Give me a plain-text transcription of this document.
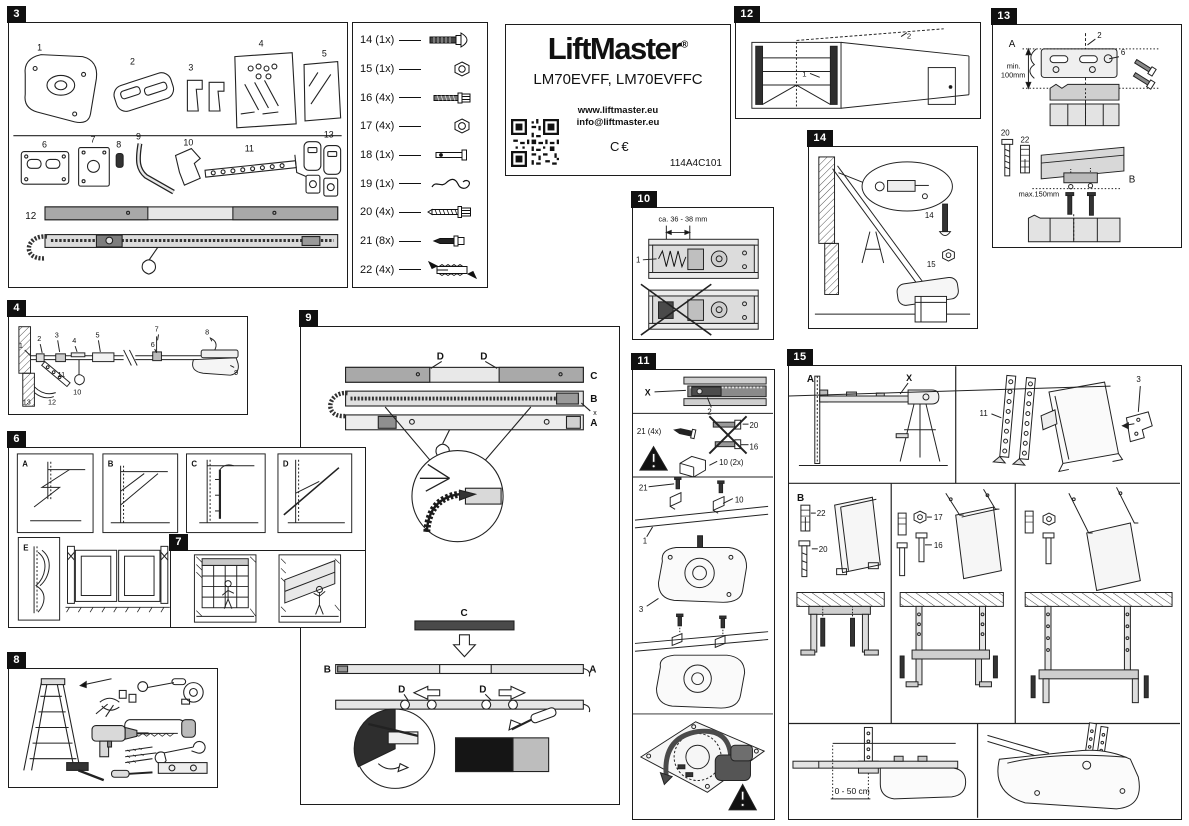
9
D	D
C
B
x
A
C
B	A
D	D
3
1
2
3
4
5
6	7 8
9
10
11
13
12
14 (1x)
15 (1x)
16 (4x)
17 (4x)
18 (1x)
19 (1x)
20 (4x)
21 (8x)
22 (4x)
LiftMaster®
LM70EVFF, LM70EVFFC
www.liftmaster.eu
info@liftmaster.eu
C€
114A4C101
12
1
2
13
A
2
6
min.
100mm
20
22
B
max.150mm
14
14
15
10
ca. 36 - 38 mm
1
4
1
2 3
4
5
6
7	8
9
10
11
12
13
6
A	B	C	D
E	7
8
11
X
2
21 (4x)
20
16
10 (2x)
21
10
1
3
15
A	X
11
3
B
22
20
17
16
0 - 50 cm
